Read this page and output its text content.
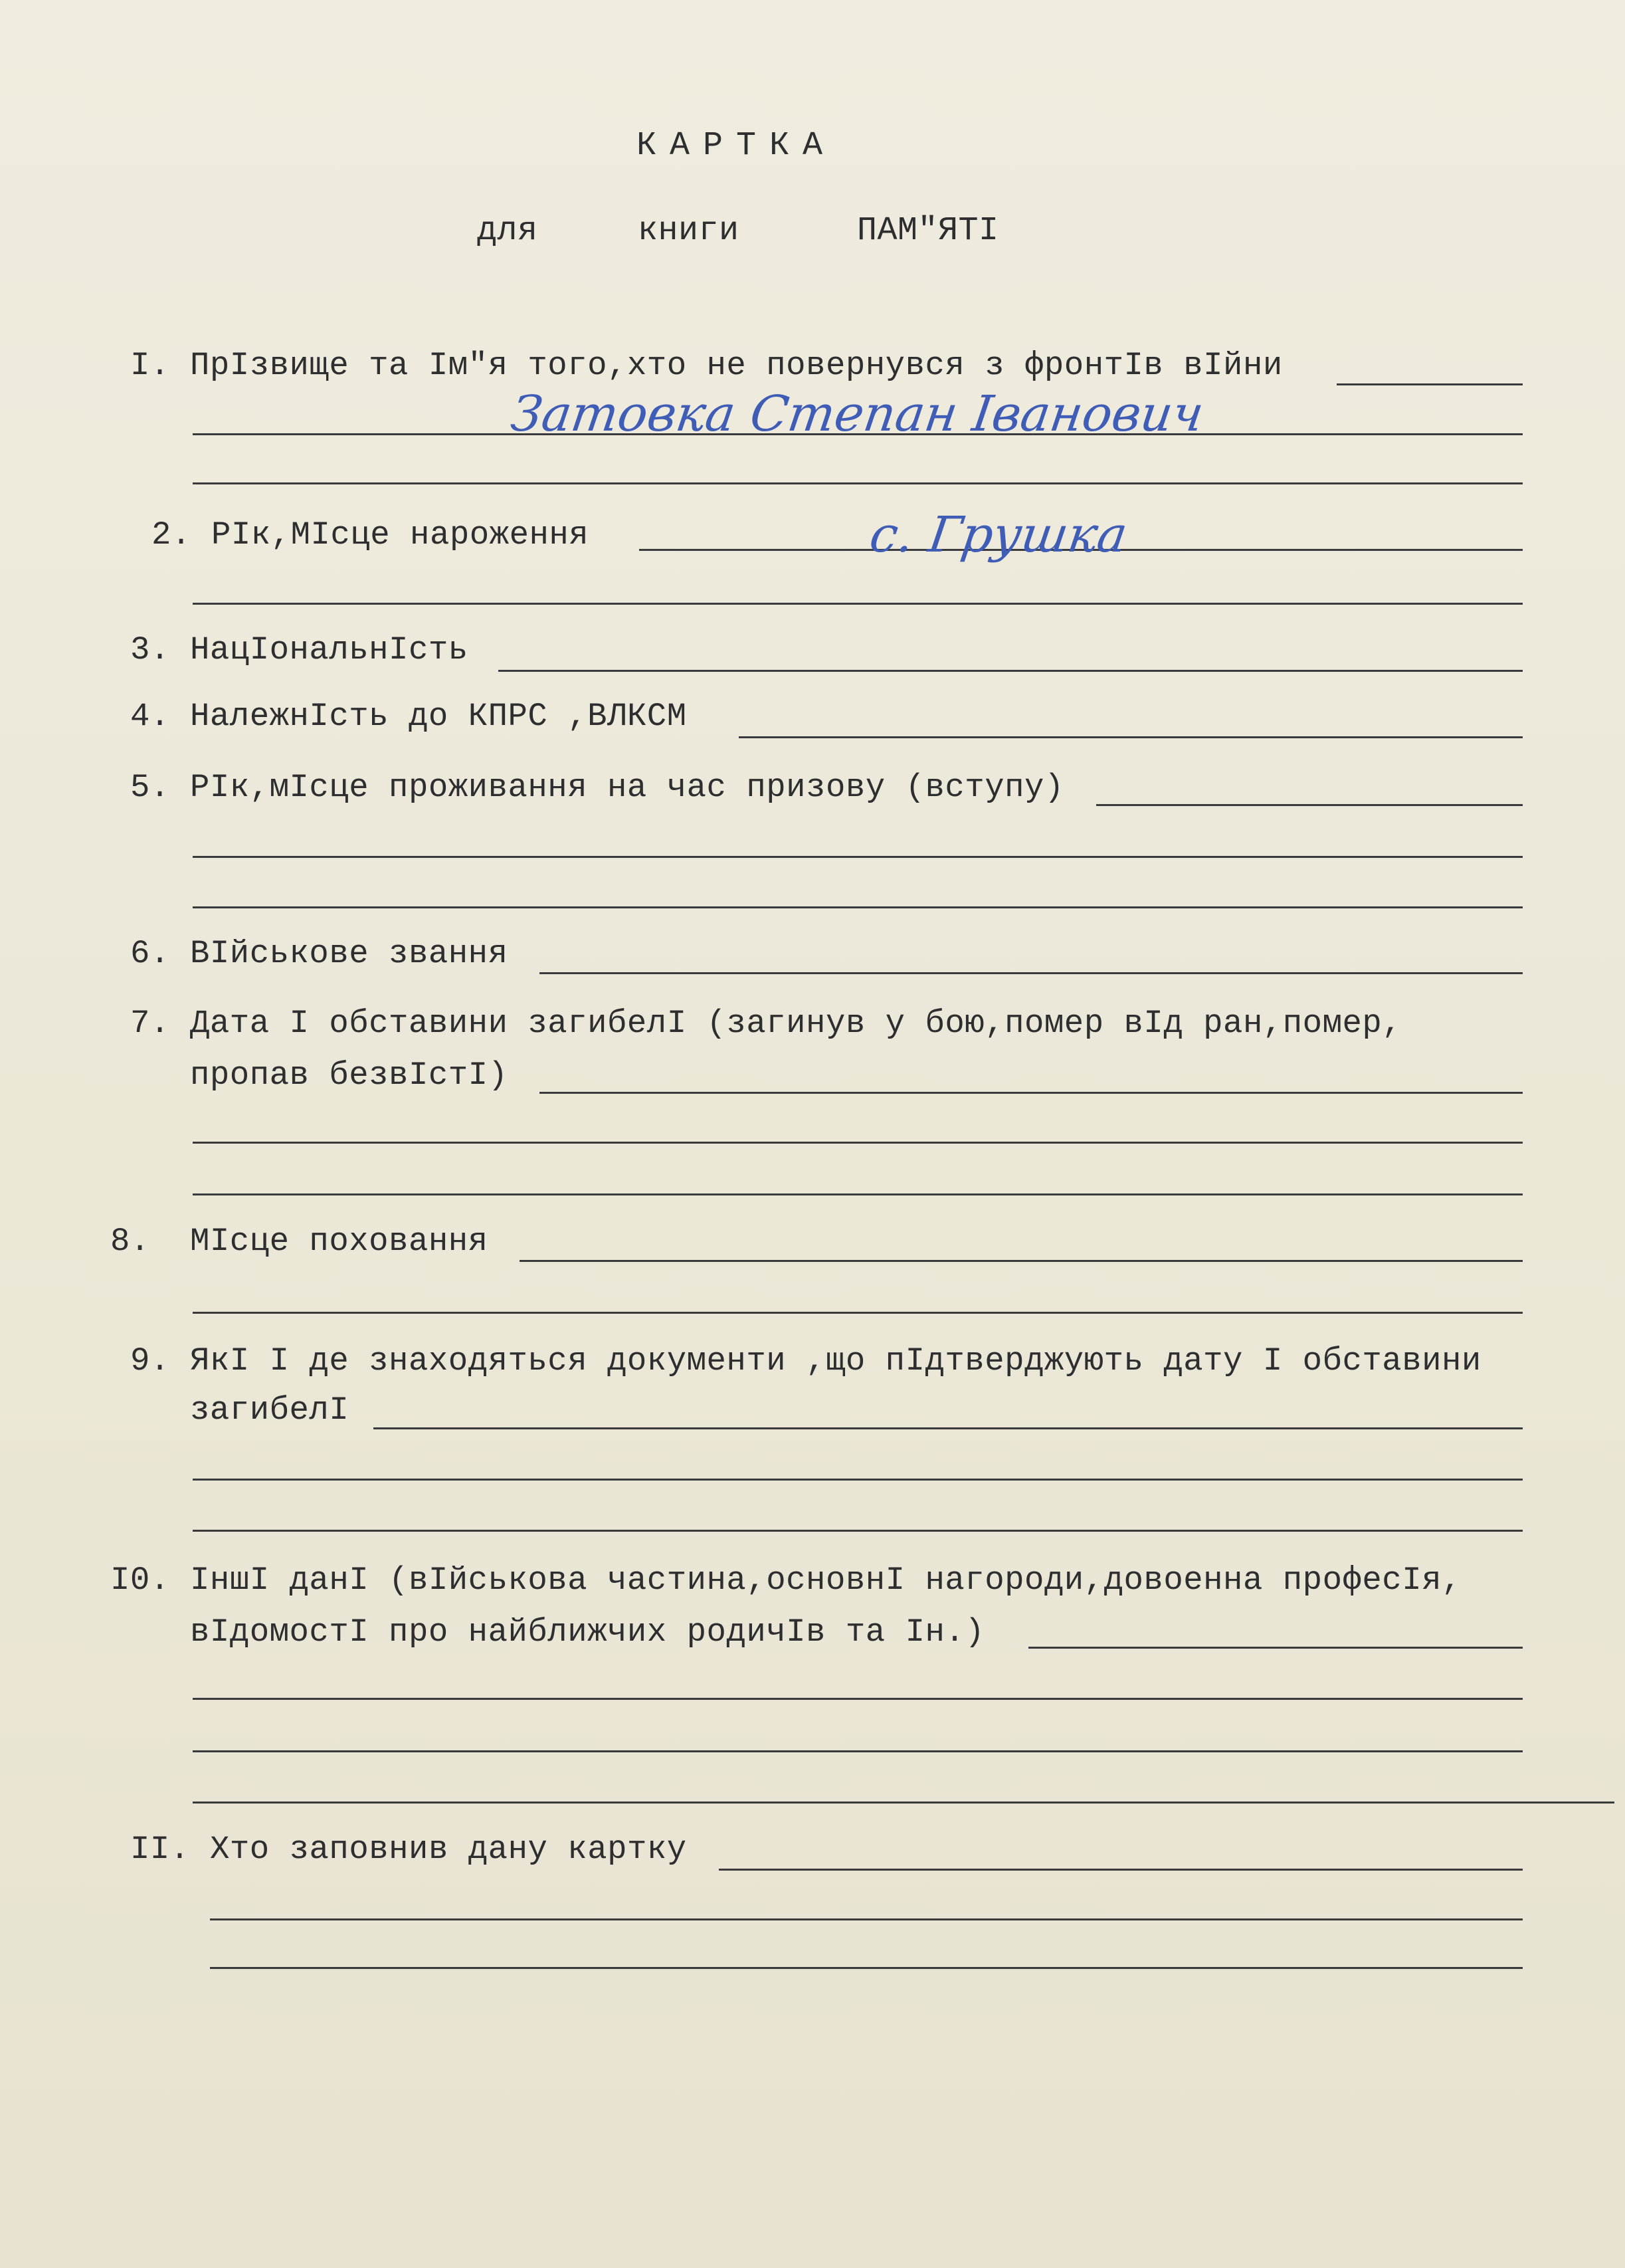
КАРТКА
для	книги	ПАМ"ЯТІ
I. ПрІзвище та Ім"я того,хто не повернувся з фронтІв вІйни
Затовка Степан Іванович
2. РІк,МІсце нароження	с. Грушка
3. НацІональнІсть
4. НалежнІсть до КПРС ,ВЛКСМ
5. РІк,мІсце проживання на час призову (вступу)
6. ВІйськове звання
7. Дата І обставини загибелІ (загинув у бою,помер вІд ран,помер,
пропав безвІстІ)
8. МІсце поховання
9. ЯкІ І де знаходяться документи ,що пІдтверджують дату І обставини
загибелІ
I0. ІншІ данІ (вІйськова частина,основнІ нагороди,довоенна професІя,
вІдомостІ про найближчих родичІв та Ін.)
II. Хто заповнив дану картку
